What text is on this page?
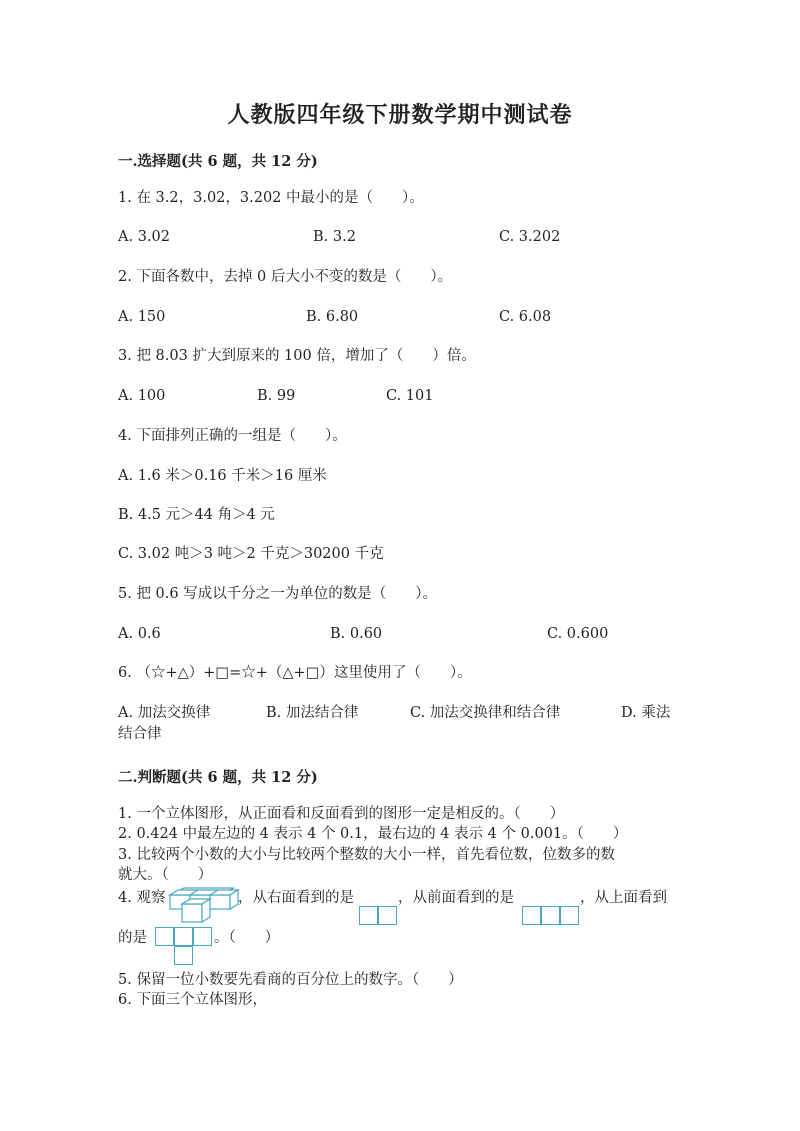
人教版四年级下册数学期中测试卷
一.选择题(共 6 题，共 12 分)
1. 在 3.2，3.02，3.202 中最小的是（　　）。
A. 3.02	B. 3.2	C. 3.202
2. 下面各数中，去掉 0 后大小不变的数是（　　）。
A. 150	B. 6.80	C. 6.08
3. 把 8.03 扩大到原来的 100 倍，增加了（　　）倍。
A. 100	B. 99	C. 101
4. 下面排列正确的一组是（　　）。
A. 1.6 米＞0.16 千米＞16 厘米
B. 4.5 元＞44 角＞4 元
C. 3.02 吨＞3 吨＞2 千克＞30200 千克
5. 把 0.6 写成以千分之一为单位的数是（　　）。
A. 0.6	B. 0.60	C. 0.600
6. （☆+△）+□=☆+（△+□）这里使用了（　　）。
A. 加法交换律	B. 加法结合律	C. 加法交换律和结合律	D. 乘法
结合律
二.判断题(共 6 题，共 12 分)
1. 一个立体图形，从正面看和反面看到的图形一定是相反的。（　　）
2. 0.424 中最左边的 4 表示 4 个 0.1，最右边的 4 表示 4 个 0.001。（　　）
3. 比较两个小数的大小与比较两个整数的大小一样，首先看位数，位数多的数
就大。（　　）
4. 观察	，从右面看到的是	，从前面看到的是	，从上面看到
的是	。（　　）
5. 保留一位小数要先看商的百分位上的数字。（　　）
6. 下面三个立体图形，
